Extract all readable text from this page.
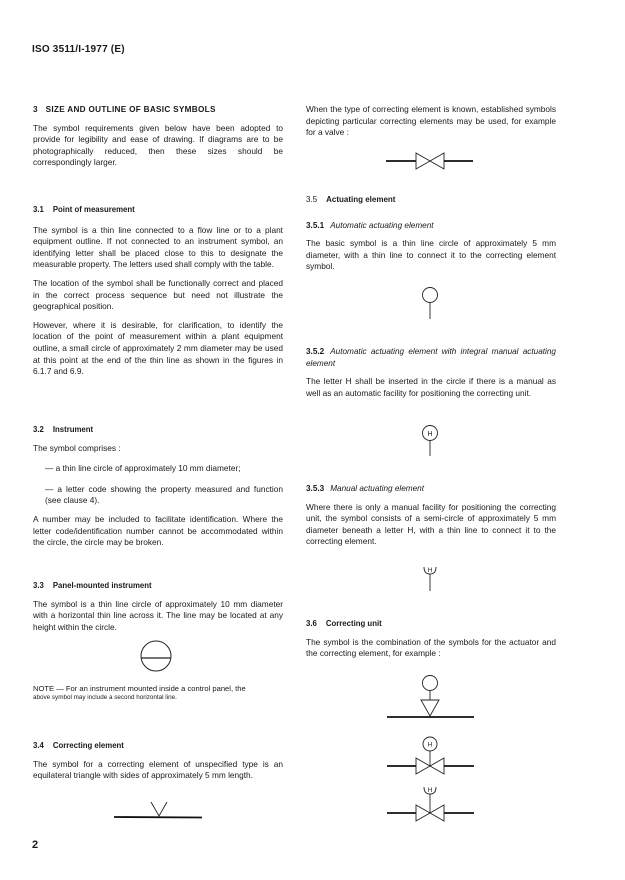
ISO 3511/I-1977 (E)

3   SIZE AND OUTLINE OF BASIC SYMBOLS

The symbol requirements given below have been adopted to provide for legibility and ease of drawing. If diagrams are to be photographically reduced, then these sizes should be correspondingly larger.

3.1 Point of measurement

The symbol is a thin line connected to a flow line or to a plant equipment outline. If not connected to an instrument symbol, an identifying letter shall be placed close to this to designate the measurable property. The letters used shall comply with the table.

The location of the symbol shall be functionally correct and placed in the correct process sequence but need not illustrate the geographical position.

However, where it is desirable, for clarification, to identify the location of the point of measurement within a plant equipment outline, a small circle of approximately 2 mm diameter may be used at this point at the end of the thin line as shown in the figures in 6.1.7 and 6.9.

3.2 Instrument

The symbol comprises :

— a thin line circle of approximately 10 mm diameter;

— a letter code showing the property measured and function (see clause 4).

A number may be included to facilitate identification. Where the letter code/identification number cannot be accommodated within the circle, the circle may be broken.

3.3 Panel-mounted instrument

The symbol is a thin line circle of approximately 10 mm diameter with a horizontal thin line across it. The line may be located at any height within the circle.

NOTE — For an instrument mounted inside a control panel, the

above symbol may include a second horizontal line.

3.4 Correcting element

The symbol for a correcting element of unspecified type is an equilateral triangle with sides of approximately 5 mm length.

2

When the type of correcting element is known, established symbols depicting particular correcting elements may be used, for example for a valve :

3.5 Actuating element

3.5.1 Automatic actuating element

The basic symbol is a thin line circle of approximately 5 mm diameter, with a thin line to connect it to the correcting element symbol.

3.5.2 Automatic actuating element with integral manual actuating element

The letter H shall be inserted in the circle if there is a manual as well as an automatic facility for positioning the correcting unit.

H

3.5.3 Manual actuating element

Where there is only a manual facility for positioning the correcting unit, the symbol consists of a semi-circle of approximately 5 mm diameter beneath a letter H, with a thin line to connect it to the correcting element.

H

3.6 Correcting unit

The symbol is the combination of the symbols for the actuator and the correcting element, for example :

H
H
